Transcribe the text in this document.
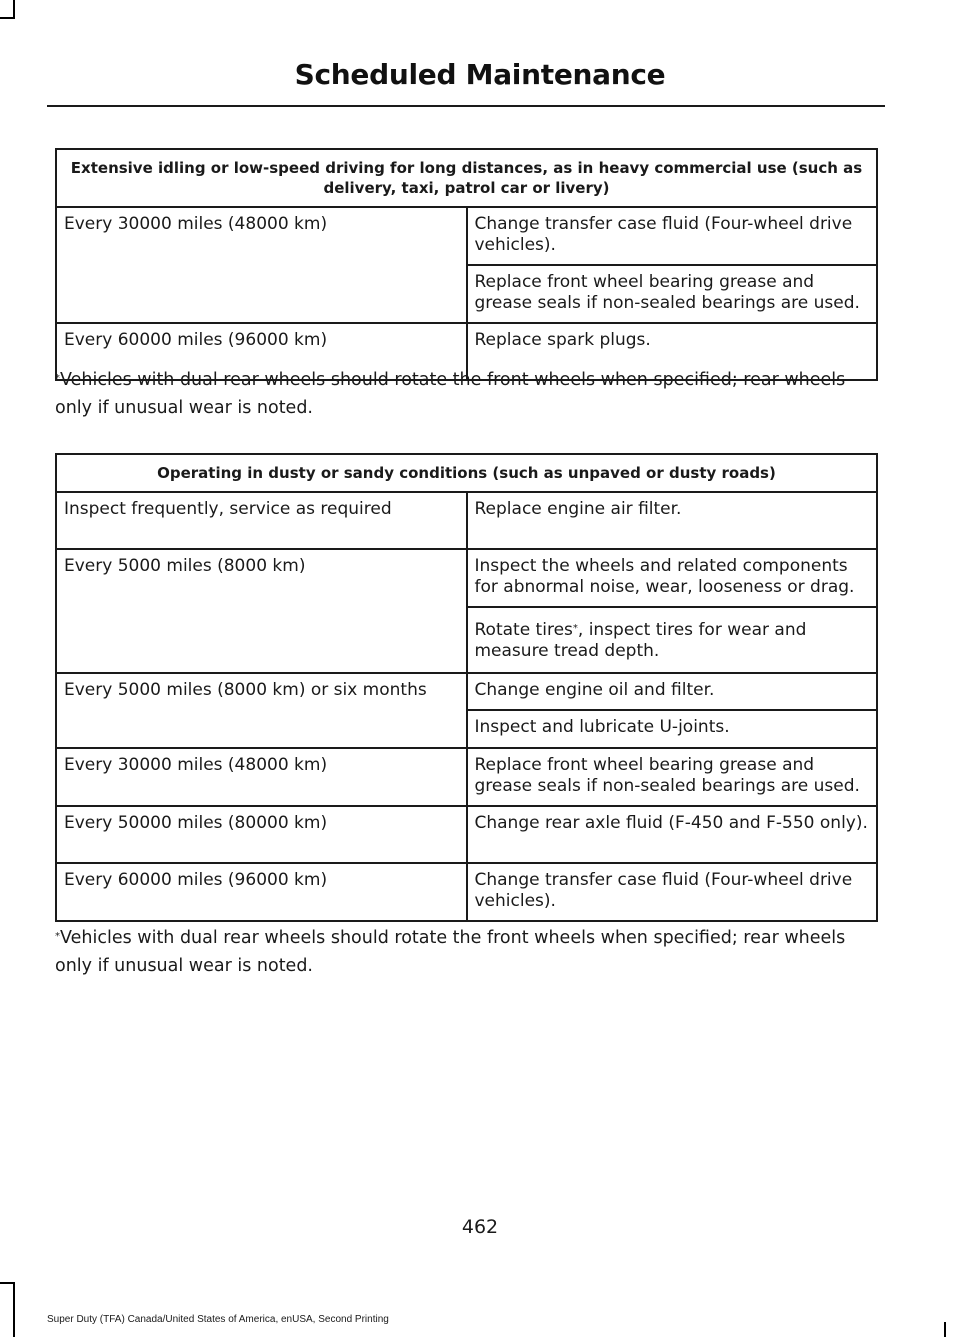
Scheduled Maintenance
Extensive idling or low-speed driving for long distances, as in heavy commercial use (such as delivery, taxi, patrol car or livery)	
Every 30000 miles (48000 km)	Change transfer case fluid (Four-wheel drive vehicles).
	Replace front wheel bearing grease and grease seals if non-sealed bearings are used.
Every 60000 miles (96000 km)	Replace spark plugs.

*Vehicles with dual rear wheels should rotate the front wheels when specified; rear wheels only if unusual wear is noted.

Operating in dusty or sandy conditions (such as unpaved or dusty roads)	
Inspect frequently, service as required	Replace engine air filter.
Every 5000 miles (8000 km)	Inspect the wheels and related components for abnormal noise, wear, looseness or drag.
	Rotate tires*, inspect tires for wear and measure tread depth.
Every 5000 miles (8000 km) or six months	Change engine oil and filter.
	Inspect and lubricate U-joints.
Every 30000 miles (48000 km)	Replace front wheel bearing grease and grease seals if non-sealed bearings are used.
Every 50000 miles (80000 km)	Change rear axle fluid (F-450 and F-550 only).
Every 60000 miles (96000 km)	Change transfer case fluid (Four-wheel drive vehicles).

*Vehicles with dual rear wheels should rotate the front wheels when specified; rear wheels only if unusual wear is noted.

462
Super Duty (TFA) Canada/United States of America, enUSA, Second Printing
